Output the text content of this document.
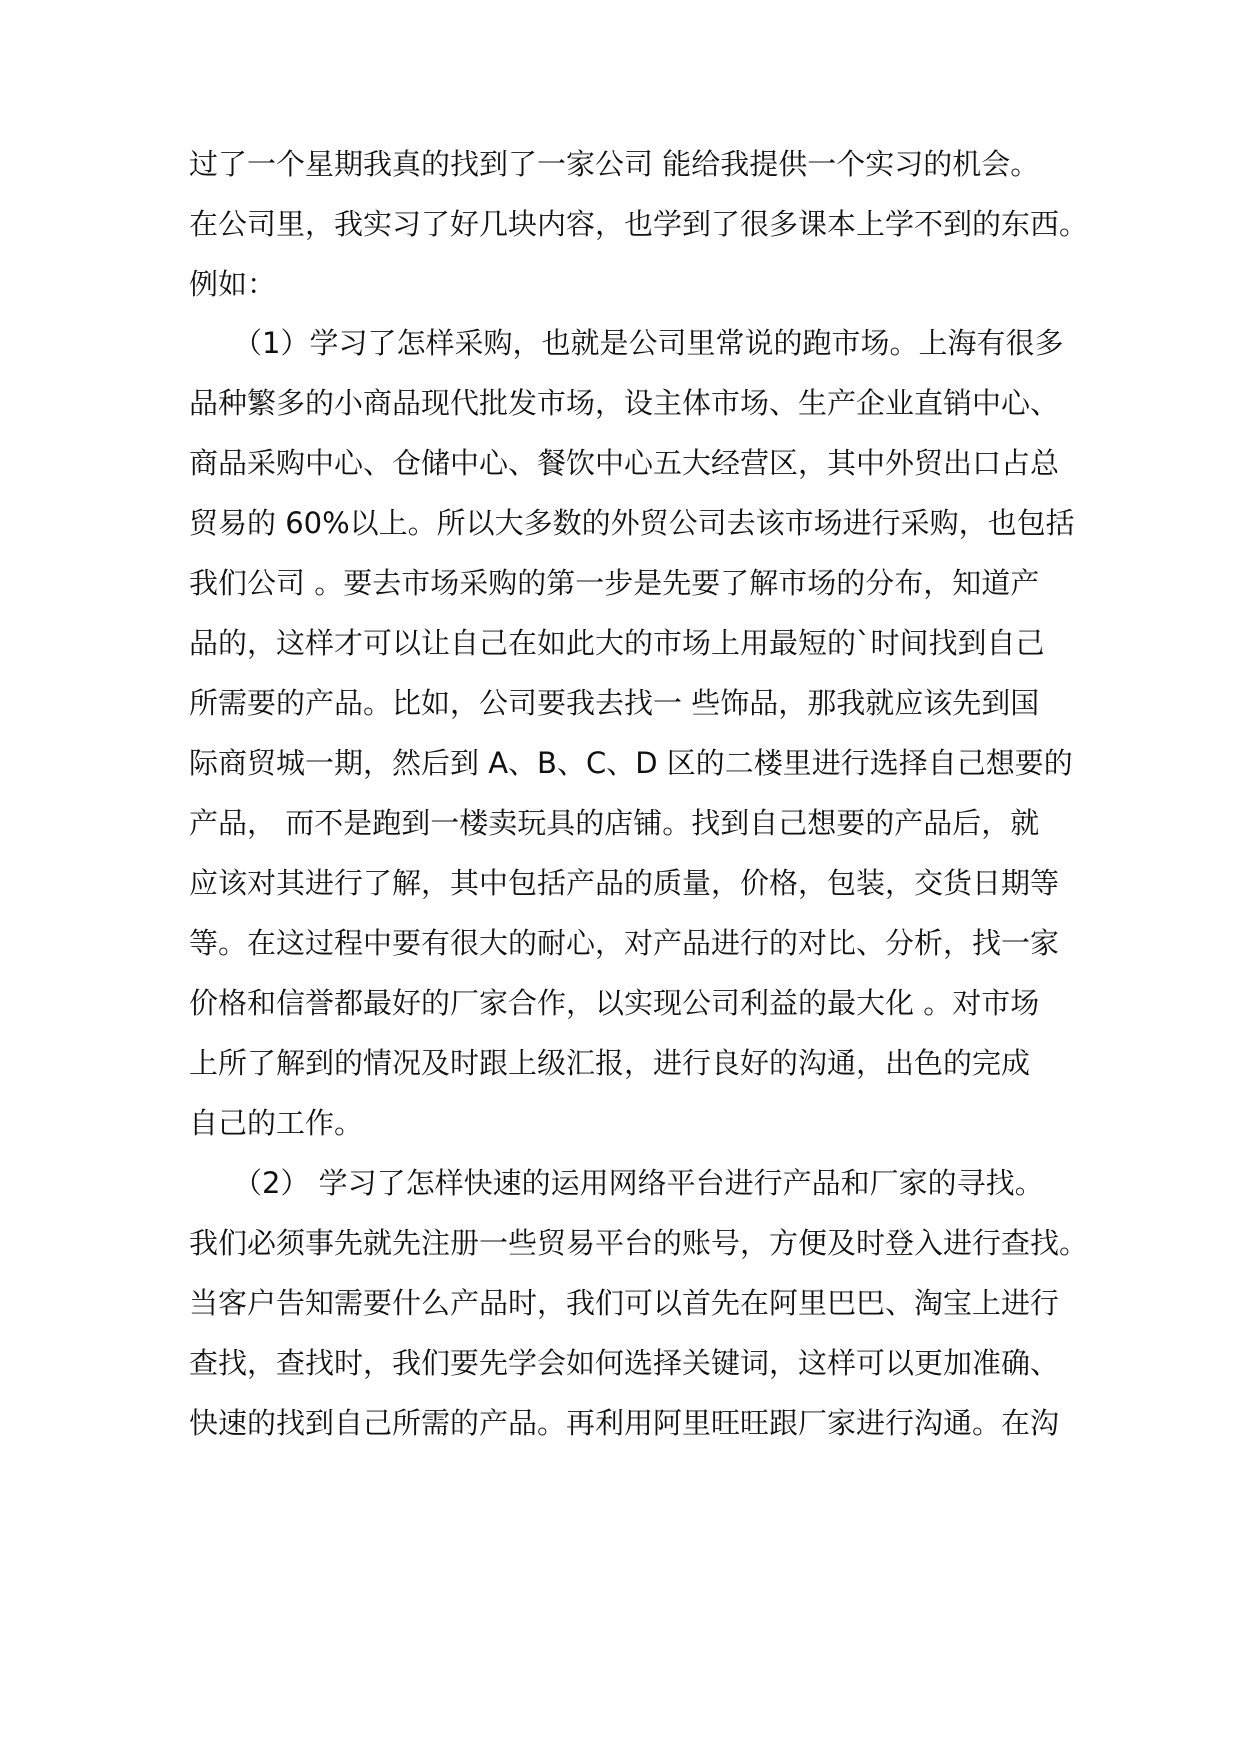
过了一个星期我真的找到了一家公司 能给我提供一个实习的机会。

在公司里，我实习了好几块内容，也学到了很多课本上学不到的东西。

例如：

（1）学习了怎样采购，也就是公司里常说的跑市场。上海有很多

品种繁多的小商品现代批发市场，设主体市场、生产企业直销中心、

商品采购中心、仓储中心、餐饮中心五大经营区，其中外贸出口占总

贸易的 60%以上。所以大多数的外贸公司去该市场进行采购，也包括

我们公司 。要去市场采购的第一步是先要了解市场的分布，知道产

品的，这样才可以让自己在如此大的市场上用最短的`时间找到自己

所需要的产品。比如，公司要我去找一 些饰品，那我就应该先到国

际商贸城一期，然后到 A、B、C、D 区的二楼里进行选择自己想要的

产品， 而不是跑到一楼卖玩具的店铺。找到自己想要的产品后，就

应该对其进行了解，其中包括产品的质量，价格，包装，交货日期等

等。在这过程中要有很大的耐心，对产品进行的对比、分析，找一家

价格和信誉都最好的厂家合作，以实现公司利益的最大化 。对市场

上所了解到的情况及时跟上级汇报，进行良好的沟通，出色的完成

自己的工作。

（2） 学习了怎样快速的运用网络平台进行产品和厂家的寻找。

我们必须事先就先注册一些贸易平台的账号，方便及时登入进行查找。

当客户告知需要什么产品时，我们可以首先在阿里巴巴、淘宝上进行

查找，查找时，我们要先学会如何选择关键词，这样可以更加准确、

快速的找到自己所需的产品。再利用阿里旺旺跟厂家进行沟通。在沟
